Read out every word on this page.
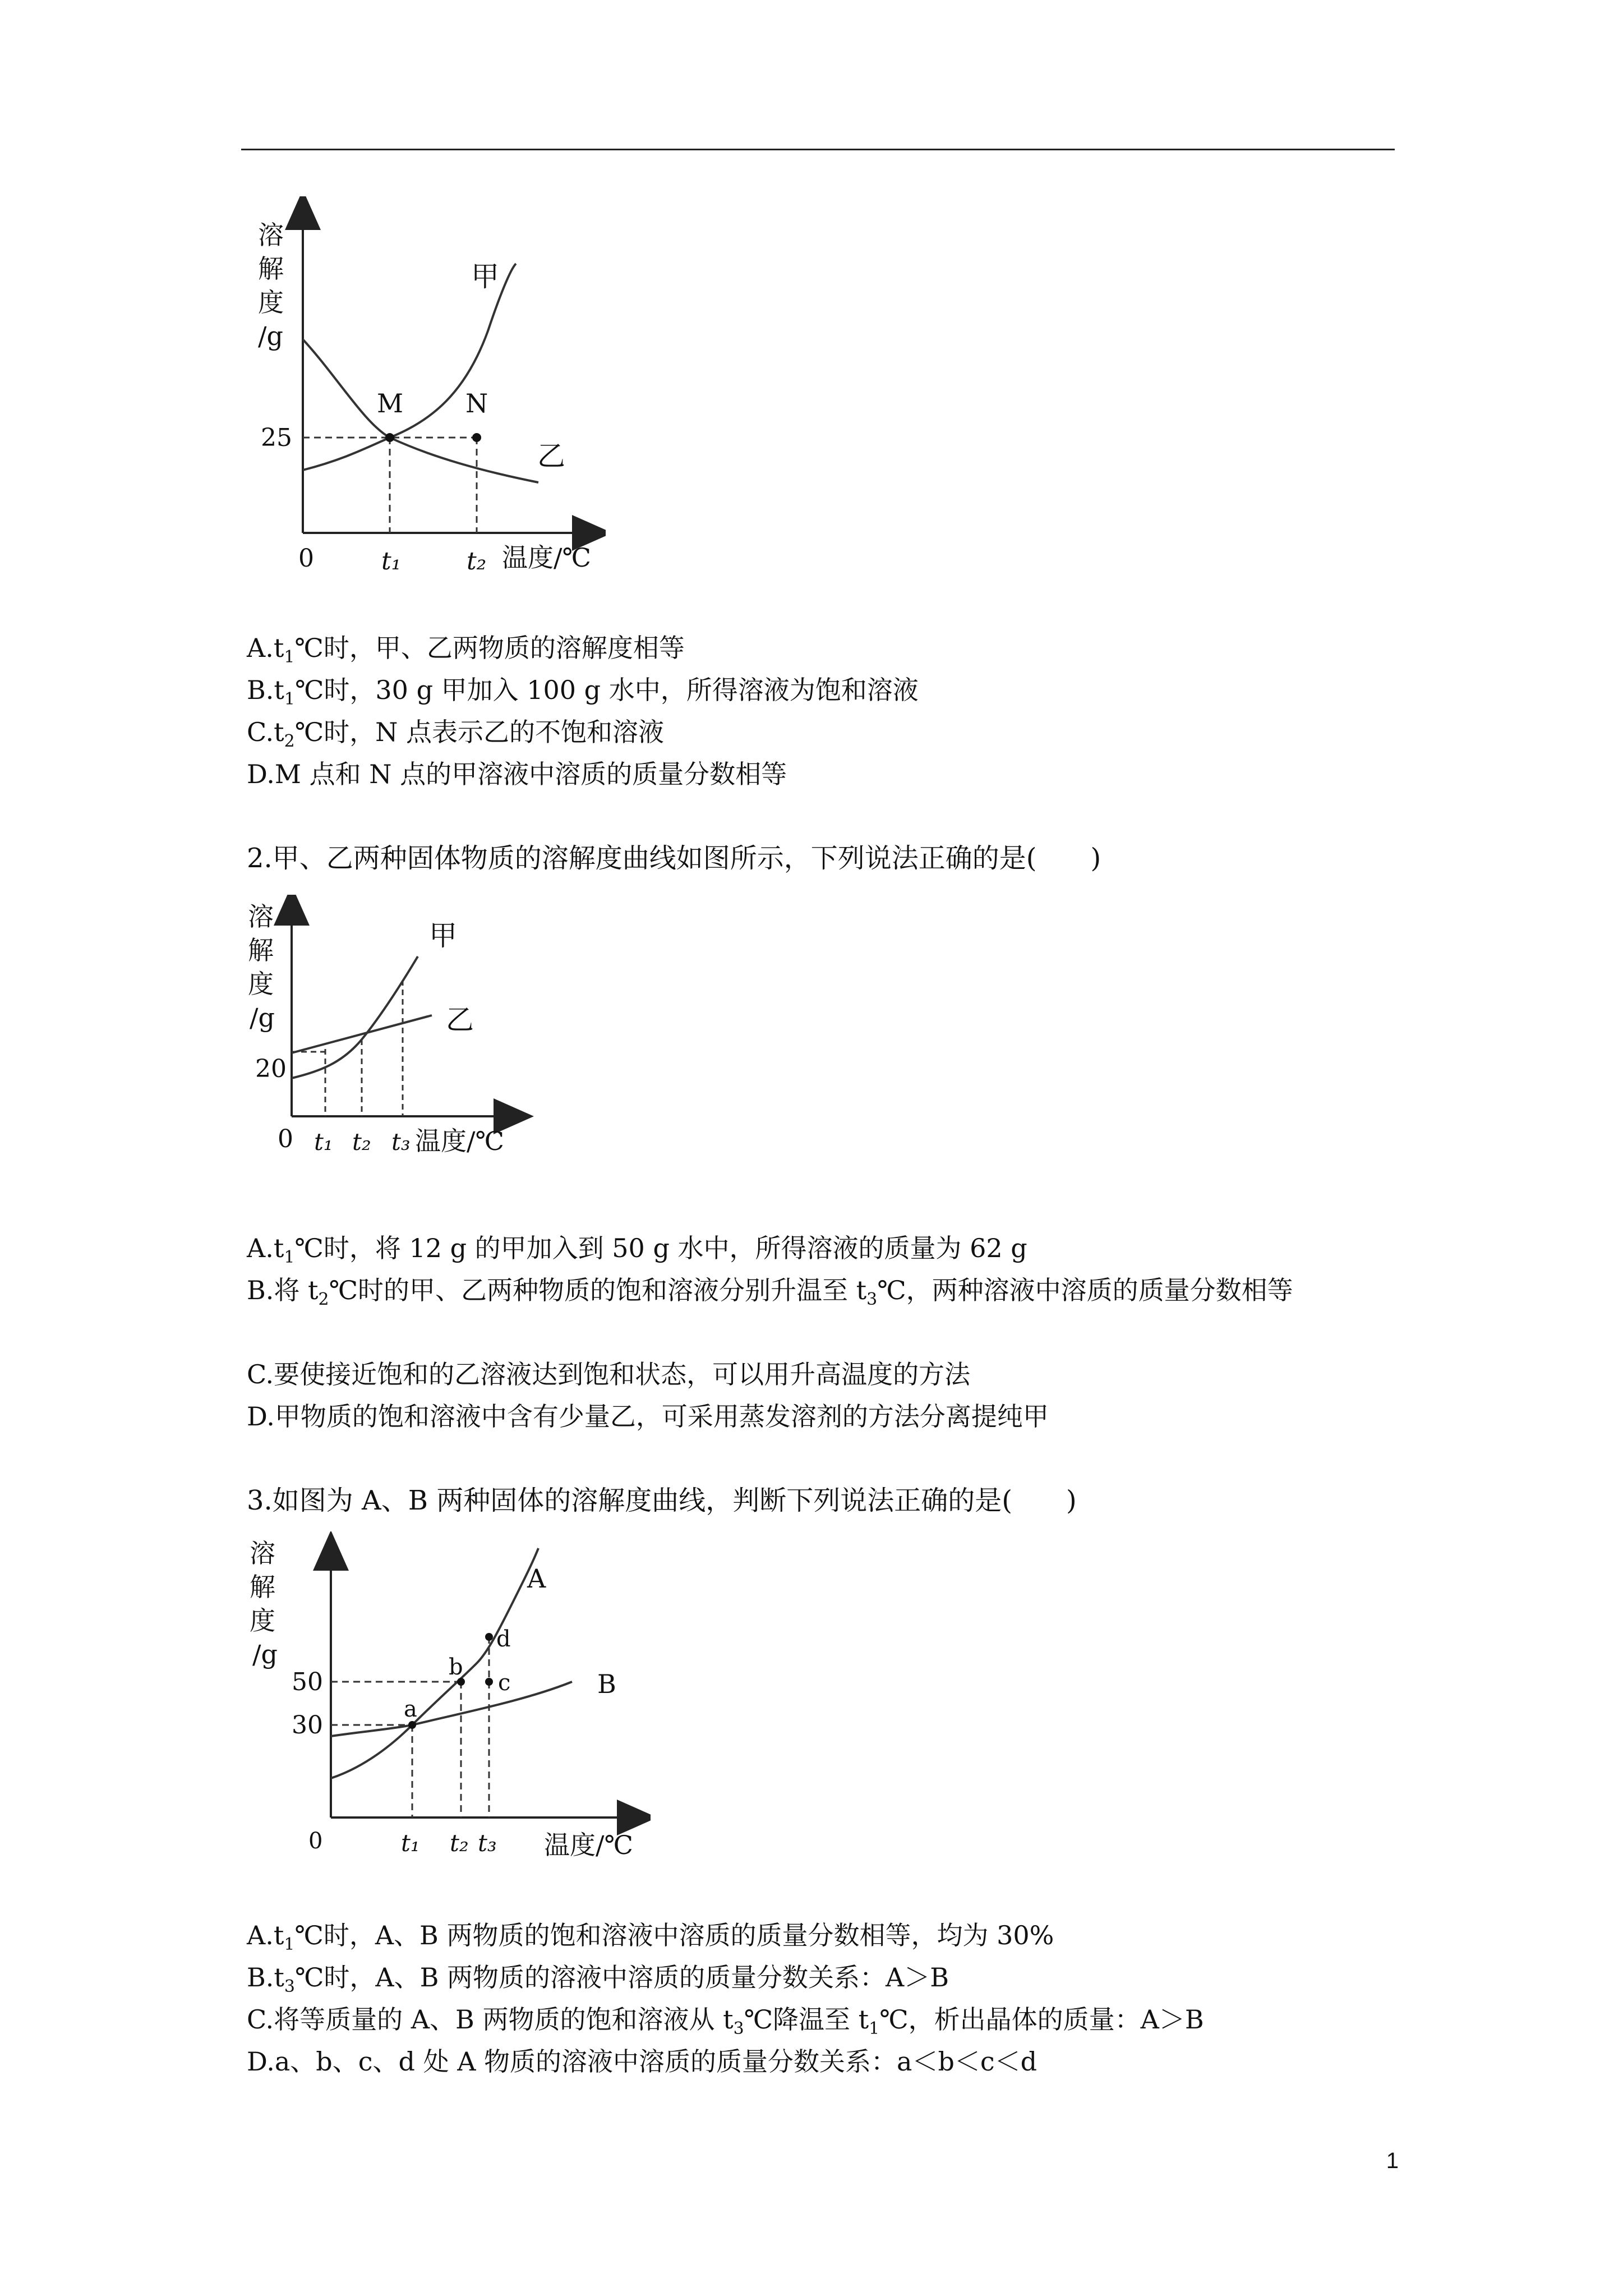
溶
解
度
/g
25
0	t₁	t₂ 温度/℃
甲
乙
M N
$A.t_1℃$时，甲、乙两物质的溶解度相等
$B.t_1℃$时，30 g 甲加入 100 g 水中，所得溶液为饱和溶液
$C.t_2℃$时，N 点表示乙的不饱和溶液
D.M 点和 N 点的甲溶液中溶质的质量分数相等
2.甲、乙两种固体物质的溶解度曲线如图所示，下列说法正确的是(　　)
溶
解
度
/g
20
0 t₁ t₂ t₃ 温度/℃
甲
乙
$A.t_1℃$时，将 12 g 的甲加入到 50 g 水中，所得溶液的质量为 62 g
B.将 $t_2℃$时的甲、乙两种物质的饱和溶液分别升温至 $t_3℃$，两种溶液中溶质的质量分数相等
C.要使接近饱和的乙溶液达到饱和状态，可以用升高温度的方法
D.甲物质的饱和溶液中含有少量乙，可采用蒸发溶剂的方法分离提纯甲
3.如图为 A、B 两种固体的溶解度曲线，判断下列说法正确的是(　　)
溶
解
度
/g
50
30
0	t₁ t₂ t₃ 温度/℃
A
B
a
b
c
d
$A.t_1℃$时，A、B 两物质的饱和溶液中溶质的质量分数相等，均为 30%
$B.t_3℃$时，A、B 两物质的溶液中溶质的质量分数关系：A＞B
C.将等质量的 A、B 两物质的饱和溶液从 $t_3℃$降温至 $t_1℃$，析出晶体的质量：A＞B
D.a、b、c、d 处 A 物质的溶液中溶质的质量分数关系：a＜b＜c＜d
1
